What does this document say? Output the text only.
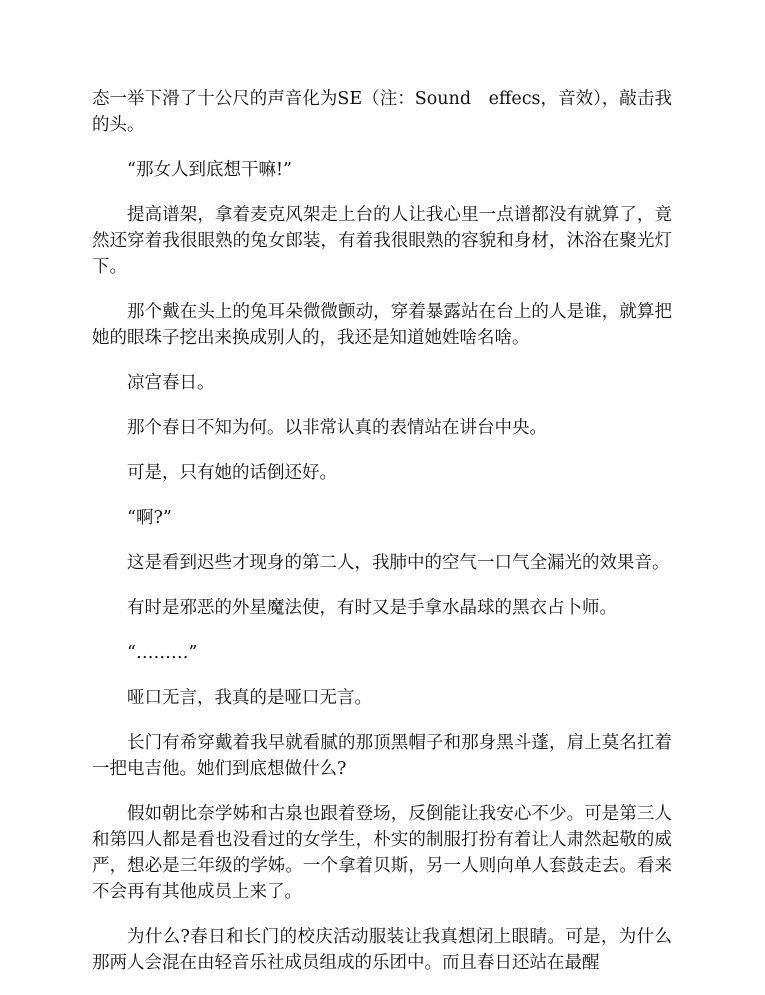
态一举下滑了十公尺的声音化为SE（注：Sound　effecs，音效），敲击我的头。

“那女人到底想干嘛!”

提高谱架，拿着麦克风架走上台的人让我心里一点谱都没有就算了，竟然还穿着我很眼熟的兔女郎装，有着我很眼熟的容貌和身材，沐浴在聚光灯下。

那个戴在头上的兔耳朵微微颤动，穿着暴露站在台上的人是谁，就算把她的眼珠子挖出来换成别人的，我还是知道她姓啥名啥。

凉宫春日。

那个春日不知为何。以非常认真的表情站在讲台中央。

可是，只有她的话倒还好。

“啊?”

这是看到迟些才现身的第二人，我肺中的空气一口气全漏光的效果音。

有时是邪恶的外星魔法使，有时又是手拿水晶球的黑衣占卜师。

“………”

哑口无言，我真的是哑口无言。

长门有希穿戴着我早就看腻的那顶黑帽子和那身黑斗蓬，肩上莫名扛着一把电吉他。她们到底想做什么?

假如朝比奈学姊和古泉也跟着登场，反倒能让我安心不少。可是第三人和第四人都是看也没看过的女学生，朴实的制服打扮有着让人肃然起敬的威严，想必是三年级的学姊。一个拿着贝斯，另一人则向单人套鼓走去。看来不会再有其他成员上来了。

为什么?春日和长门的校庆活动服装让我真想闭上眼睛。可是，为什么那两人会混在由轻音乐社成员组成的乐团中。而且春日还站在最醒
